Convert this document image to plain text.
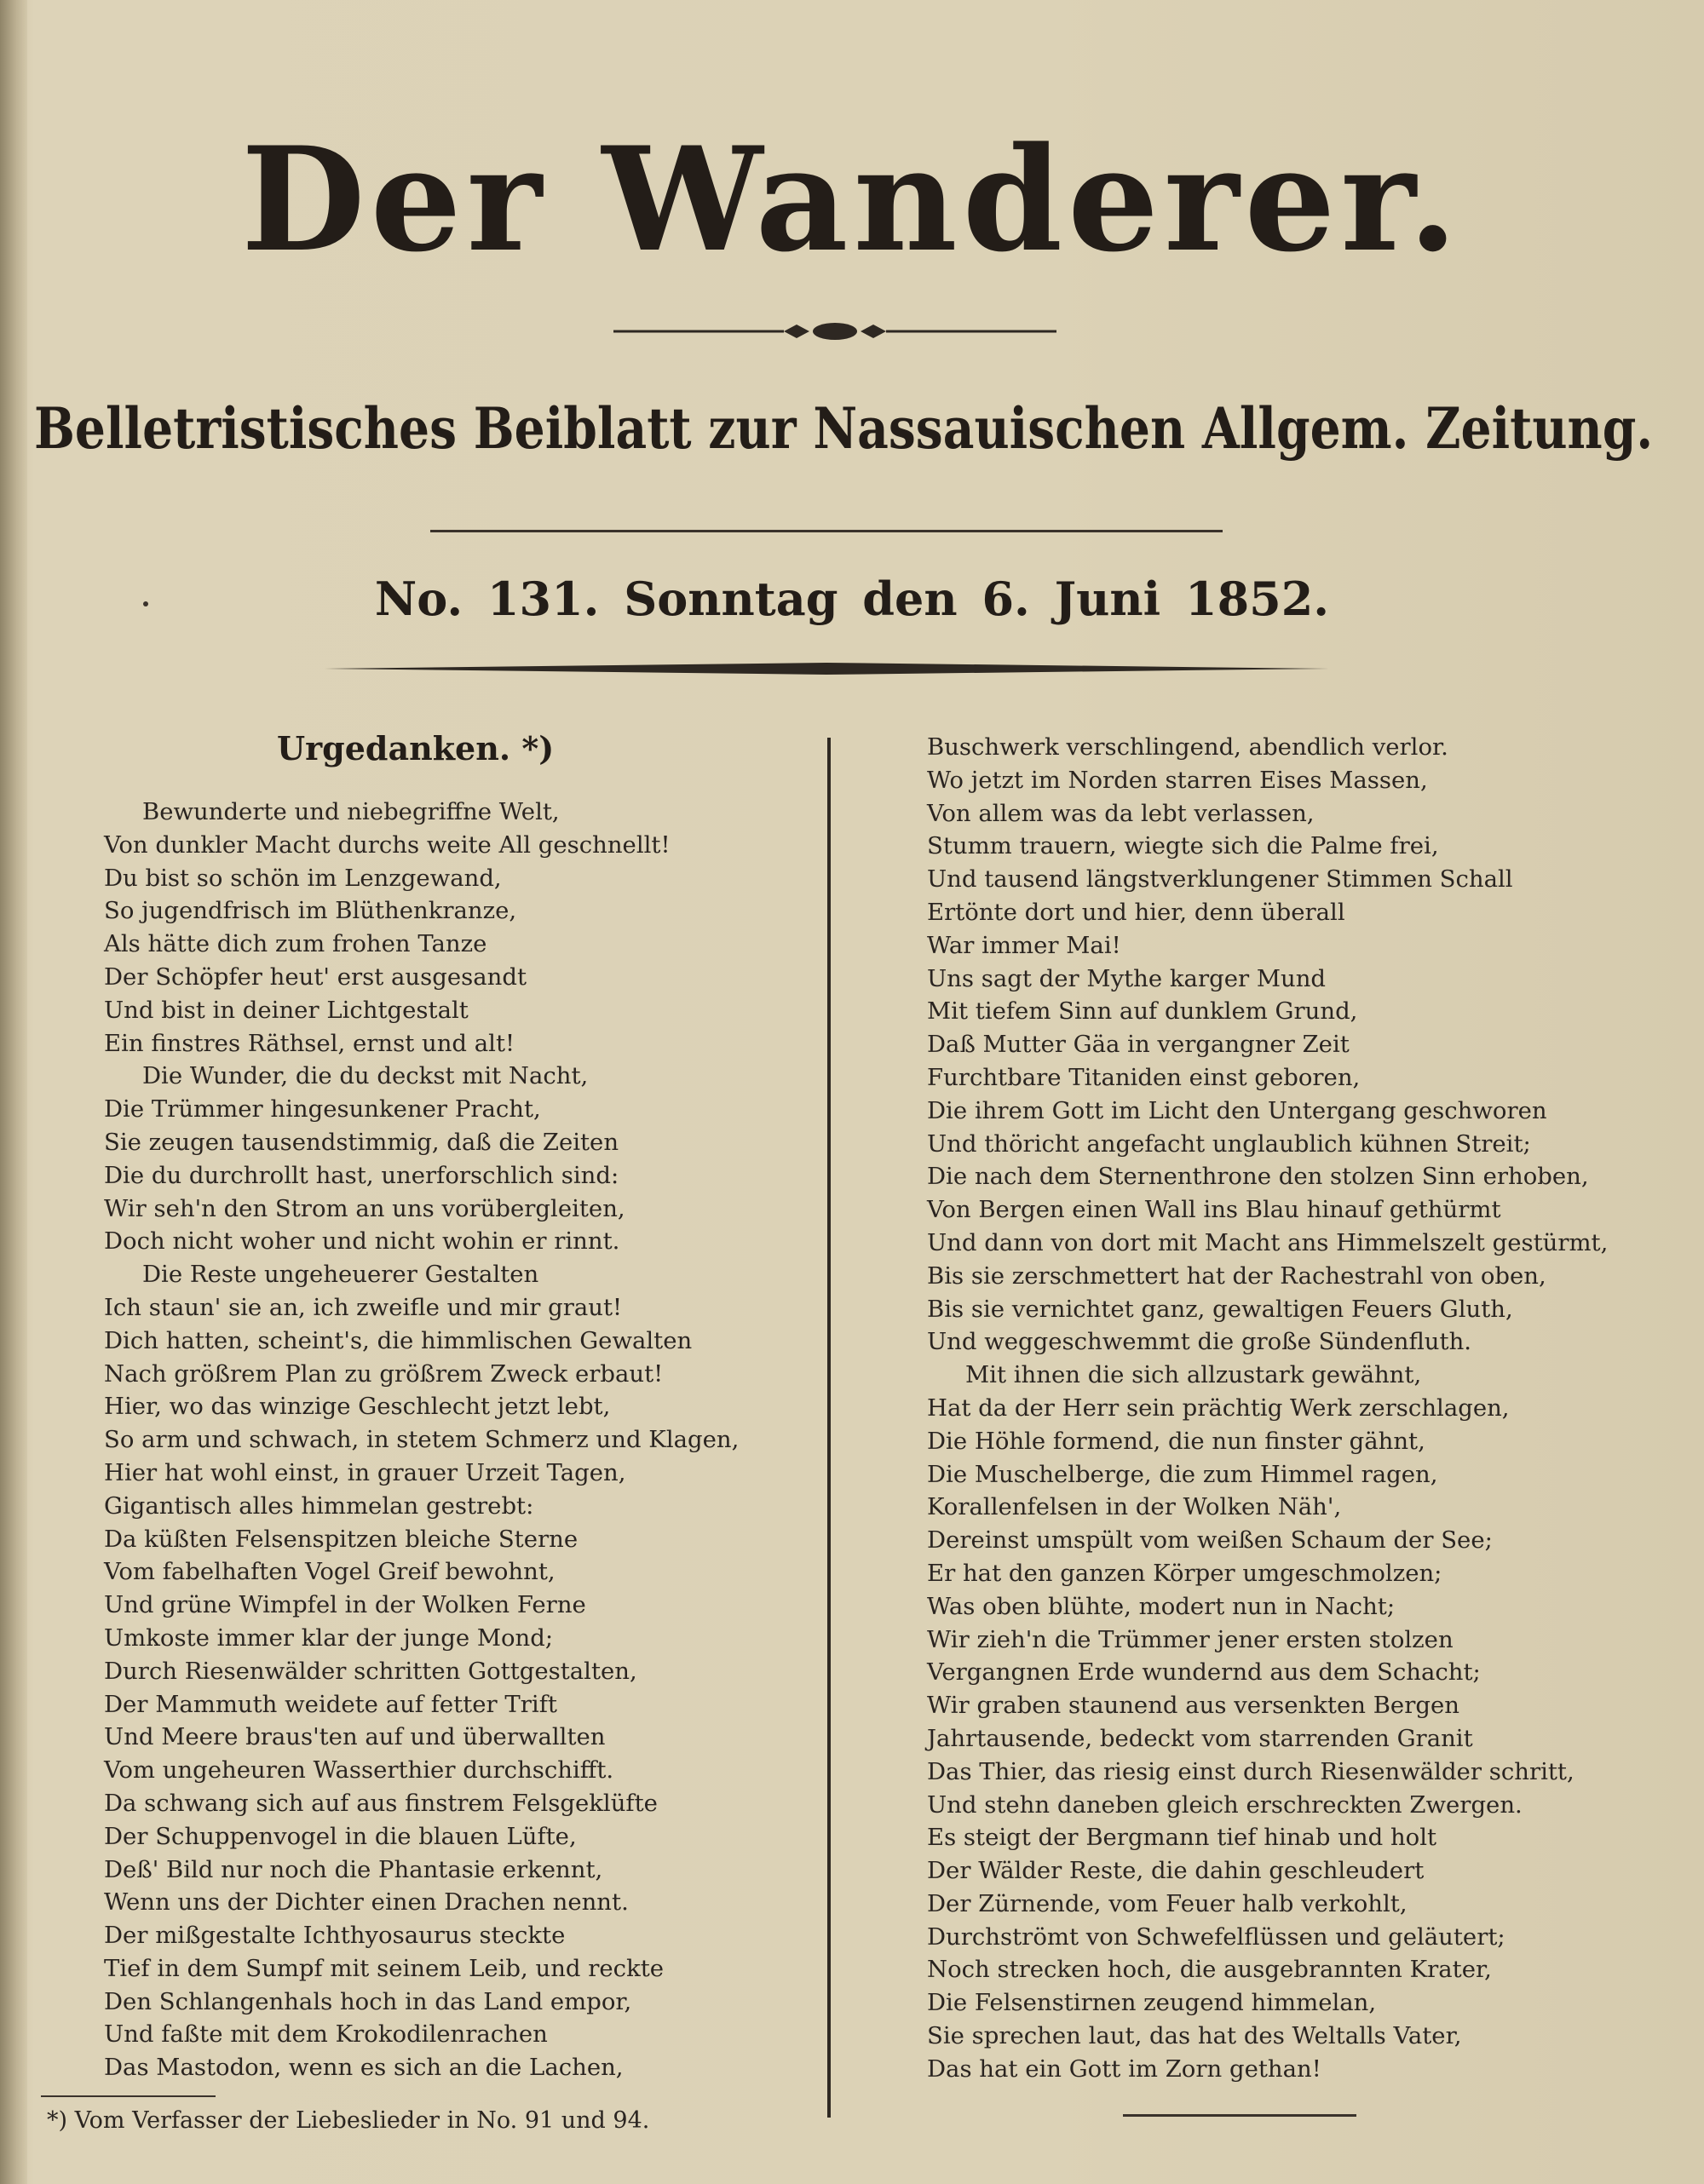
Der Wanderer.
Belletristisches Beiblatt zur Nassauischen Allgem. Zeitung.
No. 131. Sonntag den 6. Juni 1852.
Urgedanken. *)
Bewunderte und niebegriffne Welt,
Von dunkler Macht durchs weite All geschnellt!
Du bist so schön im Lenzgewand,
So jugendfrisch im Blüthenkranze,
Als hätte dich zum frohen Tanze
Der Schöpfer heut' erst ausgesandt
Und bist in deiner Lichtgestalt
Ein finstres Räthsel, ernst und alt!
Die Wunder, die du deckst mit Nacht,
Die Trümmer hingesunkener Pracht,
Sie zeugen tausendstimmig, daß die Zeiten
Die du durchrollt hast, unerforschlich sind:
Wir seh'n den Strom an uns vorübergleiten,
Doch nicht woher und nicht wohin er rinnt.
Die Reste ungeheuerer Gestalten
Ich staun' sie an, ich zweifle und mir graut!
Dich hatten, scheint's, die himmlischen Gewalten
Nach größrem Plan zu größrem Zweck erbaut!
Hier, wo das winzige Geschlecht jetzt lebt,
So arm und schwach, in stetem Schmerz und Klagen,
Hier hat wohl einst, in grauer Urzeit Tagen,
Gigantisch alles himmelan gestrebt:
Da küßten Felsenspitzen bleiche Sterne
Vom fabelhaften Vogel Greif bewohnt,
Und grüne Wimpfel in der Wolken Ferne
Umkoste immer klar der junge Mond;
Durch Riesenwälder schritten Gottgestalten,
Der Mammuth weidete auf fetter Trift
Und Meere braus'ten auf und überwallten
Vom ungeheuren Wasserthier durchschifft.
Da schwang sich auf aus finstrem Felsgeklüfte
Der Schuppenvogel in die blauen Lüfte,
Deß' Bild nur noch die Phantasie erkennt,
Wenn uns der Dichter einen Drachen nennt.
Der mißgestalte Ichthyosaurus steckte
Tief in dem Sumpf mit seinem Leib, und reckte
Den Schlangenhals hoch in das Land empor,
Und faßte mit dem Krokodilenrachen
Das Mastodon, wenn es sich an die Lachen,
Buschwerk verschlingend, abendlich verlor.
Wo jetzt im Norden starren Eises Massen,
Von allem was da lebt verlassen,
Stumm trauern, wiegte sich die Palme frei,
Und tausend längstverklungener Stimmen Schall
Ertönte dort und hier, denn überall
War immer Mai!
Uns sagt der Mythe karger Mund
Mit tiefem Sinn auf dunklem Grund,
Daß Mutter Gäa in vergangner Zeit
Furchtbare Titaniden einst geboren,
Die ihrem Gott im Licht den Untergang geschworen
Und thöricht angefacht unglaublich kühnen Streit;
Die nach dem Sternenthrone den stolzen Sinn erhoben,
Von Bergen einen Wall ins Blau hinauf gethürmt
Und dann von dort mit Macht ans Himmelszelt gestürmt,
Bis sie zerschmettert hat der Rachestrahl von oben,
Bis sie vernichtet ganz, gewaltigen Feuers Gluth,
Und weggeschwemmt die große Sündenfluth.
Mit ihnen die sich allzustark gewähnt,
Hat da der Herr sein prächtig Werk zerschlagen,
Die Höhle formend, die nun finster gähnt,
Die Muschelberge, die zum Himmel ragen,
Korallenfelsen in der Wolken Näh',
Dereinst umspült vom weißen Schaum der See;
Er hat den ganzen Körper umgeschmolzen;
Was oben blühte, modert nun in Nacht;
Wir zieh'n die Trümmer jener ersten stolzen
Vergangnen Erde wundernd aus dem Schacht;
Wir graben staunend aus versenkten Bergen
Jahrtausende, bedeckt vom starrenden Granit
Das Thier, das riesig einst durch Riesenwälder schritt,
Und stehn daneben gleich erschreckten Zwergen.
Es steigt der Bergmann tief hinab und holt
Der Wälder Reste, die dahin geschleudert
Der Zürnende, vom Feuer halb verkohlt,
Durchströmt von Schwefelflüssen und geläutert;
Noch strecken hoch, die ausgebrannten Krater,
Die Felsenstirnen zeugend himmelan,
Sie sprechen laut, das hat des Weltalls Vater,
Das hat ein Gott im Zorn gethan!
*) Vom Verfasser der Liebeslieder in No. 91 und 94.
